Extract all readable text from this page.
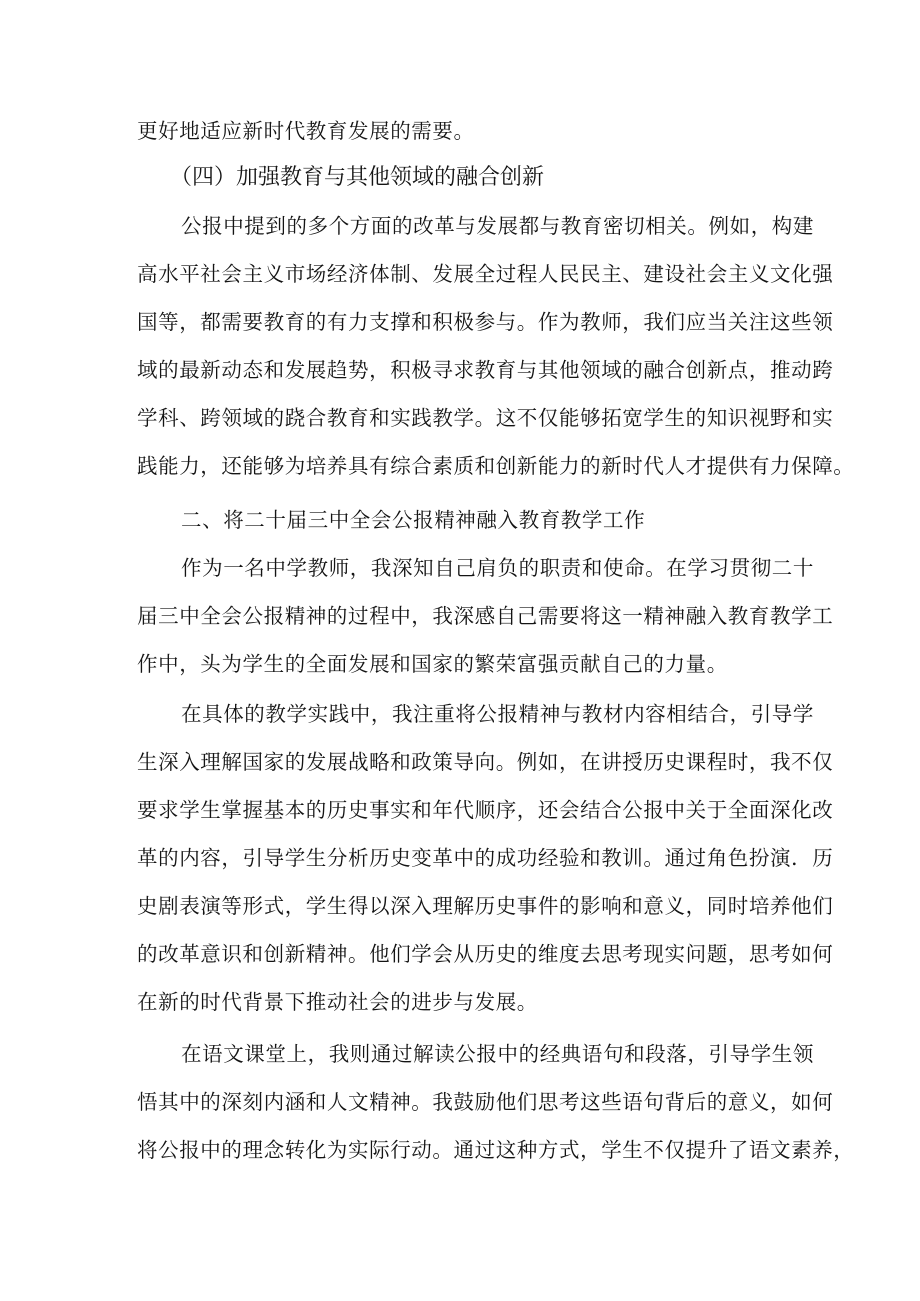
更好地适应新时代教育发展的需要。
（四）加强教育与其他领域的融合创新
公报中提到的多个方面的改革与发展都与教育密切相关。例如，构建
高水平社会主义市场经济体制、发展全过程人民民主、建设社会主义文化强
国等，都需要教育的有力支撑和积极参与。作为教师，我们应当关注这些领
域的最新动态和发展趋势，积极寻求教育与其他领域的融合创新点，推动跨
学科、跨领域的跷合教育和实践教学。这不仅能够拓宽学生的知识视野和实
践能力，还能够为培养具有综合素质和创新能力的新时代人才提供有力保障。
二、将二十届三中全会公报精神融入教育教学工作
作为一名中学教师，我深知自己肩负的职责和使命。在学习贯彻二十
届三中全会公报精神的过程中，我深感自己需要将这一精神融入教育教学工
作中，头为学生的全面发展和国家的繁荣富强贡献自己的力量。
在具体的教学实践中，我注重将公报精神与教材内容相结合，引导学
生深入理解国家的发展战略和政策导向。例如，在讲授历史课程时，我不仅
要求学生掌握基本的历史事实和年代顺序，还会结合公报中关于全面深化改
革的内容，引导学生分析历史变革中的成功经验和教训。通过角色扮演．历
史剧表演等形式，学生得以深入理解历史事件的影响和意义，同时培养他们
的改革意识和创新精神。他们学会从历史的维度去思考现实问题，思考如何
在新的时代背景下推动社会的进步与发展。
在语文课堂上，我则通过解读公报中的经典语句和段落，引导学生领
悟其中的深刻内涵和人文精神。我鼓励他们思考这些语句背后的意义，如何
将公报中的理念转化为实际行动。通过这种方式，学生不仅提升了语文素养，
